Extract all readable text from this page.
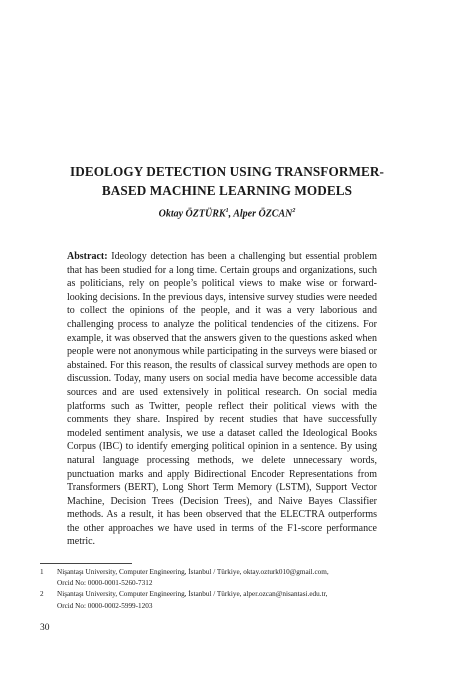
IDEOLOGY DETECTION USING TRANSFORMER-
BASED MACHINE LEARNING MODELS
Oktay ÖZTÜRK$^1$, Alper ÖZCAN$^2$

Abstract: Ideology detection has been a challenging but essential problem that has been studied for a long time. Certain groups and organizations, such as politicians, rely on people’s political views to make wise or forward-looking decisions. In the previous days, intensive survey studies were needed to collect the opinions of the people, and it was a very laborious and challenging process to analyze the political tendencies of the citizens. For example, it was observed that the answers given to the questions asked when people were not anonymous while participating in the surveys were biased or abstained. For this reason, the results of classical survey methods are open to discussion. Today, many users on social media have become accessible data sources and are used extensively in political research. On social media platforms such as Twitter, people reflect their political views with the comments they share. Inspired by recent studies that have successfully modeled sentiment analysis, we use a dataset called the Ideological Books Corpus (IBC) to identify emerging political opinion in a sentence. By using natural language processing methods, we delete unnecessary words, punctuation marks and apply Bidirectional Encoder Representations from Transformers (BERT), Long Short Term Memory (LSTM), Support Vector Machine, Decision Trees (Decision Trees), and Naive Bayes Classifier methods. As a result, it has been observed that the ELECTRA outperforms the other approaches we have used in terms of the F1-score performance metric.

1	Nişantaşı University, Computer Engineering, İstanbul / Türkiye, oktay.ozturk010@gmail.com,
Orcid No: 0000-0001-5260-7312
2	Nişantaşı University, Computer Engineering, İstanbul / Türkiye, alper.ozcan@nisantasi.edu.tr,
Orcid No: 0000-0002-5999-1203
30
